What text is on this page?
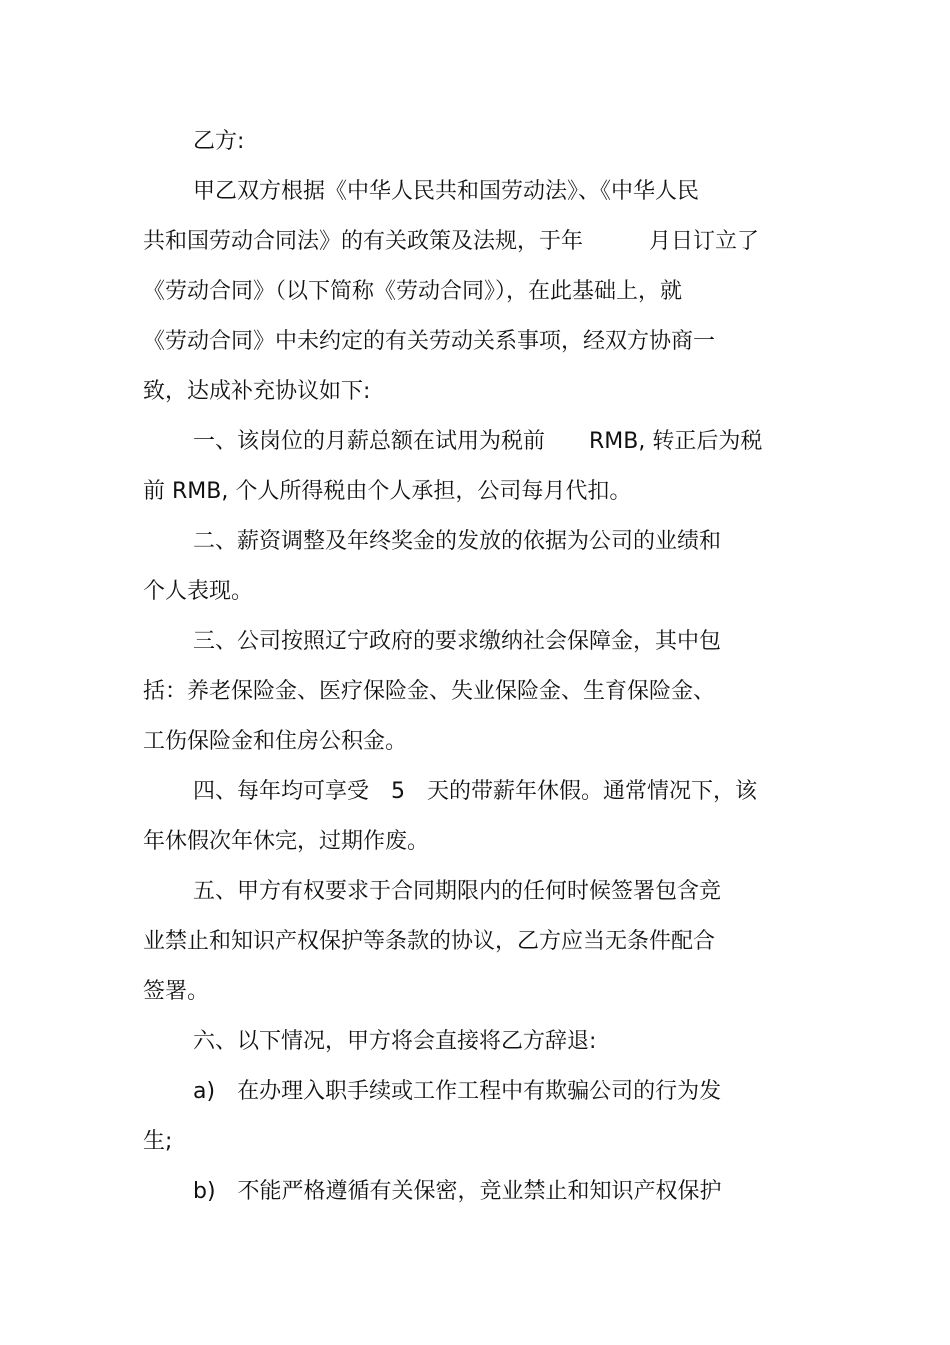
乙方:
甲乙双方根据《中华人民共和国劳动法》、《中华人民
共和国劳动合同法》的有关政策及法规，于年　　　月日订立了
《劳动合同》（以下简称《劳动合同》），在此基础上，就
《劳动合同》中未约定的有关劳动关系事项，经双方协商一
致，达成补充协议如下:
一、该岗位的月薪总额在试用为税前　　RMB, 转正后为税
前 RMB, 个人所得税由个人承担，公司每月代扣。
二、薪资调整及年终奖金的发放的依据为公司的业绩和
个人表现。
三、公司按照辽宁政府的要求缴纳社会保障金，其中包
括：养老保险金、医疗保险金、失业保险金、生育保险金、
工伤保险金和住房公积金。
四、每年均可享受　5　天的带薪年休假。通常情况下，该
年休假次年休完，过期作废。
五、甲方有权要求于合同期限内的任何时候签署包含竞
业禁止和知识产权保护等条款的协议，乙方应当无条件配合
签署。
六、以下情况，甲方将会直接将乙方辞退:
a)　在办理入职手续或工作工程中有欺骗公司的行为发
生;
b)　不能严格遵循有关保密，竞业禁止和知识产权保护
